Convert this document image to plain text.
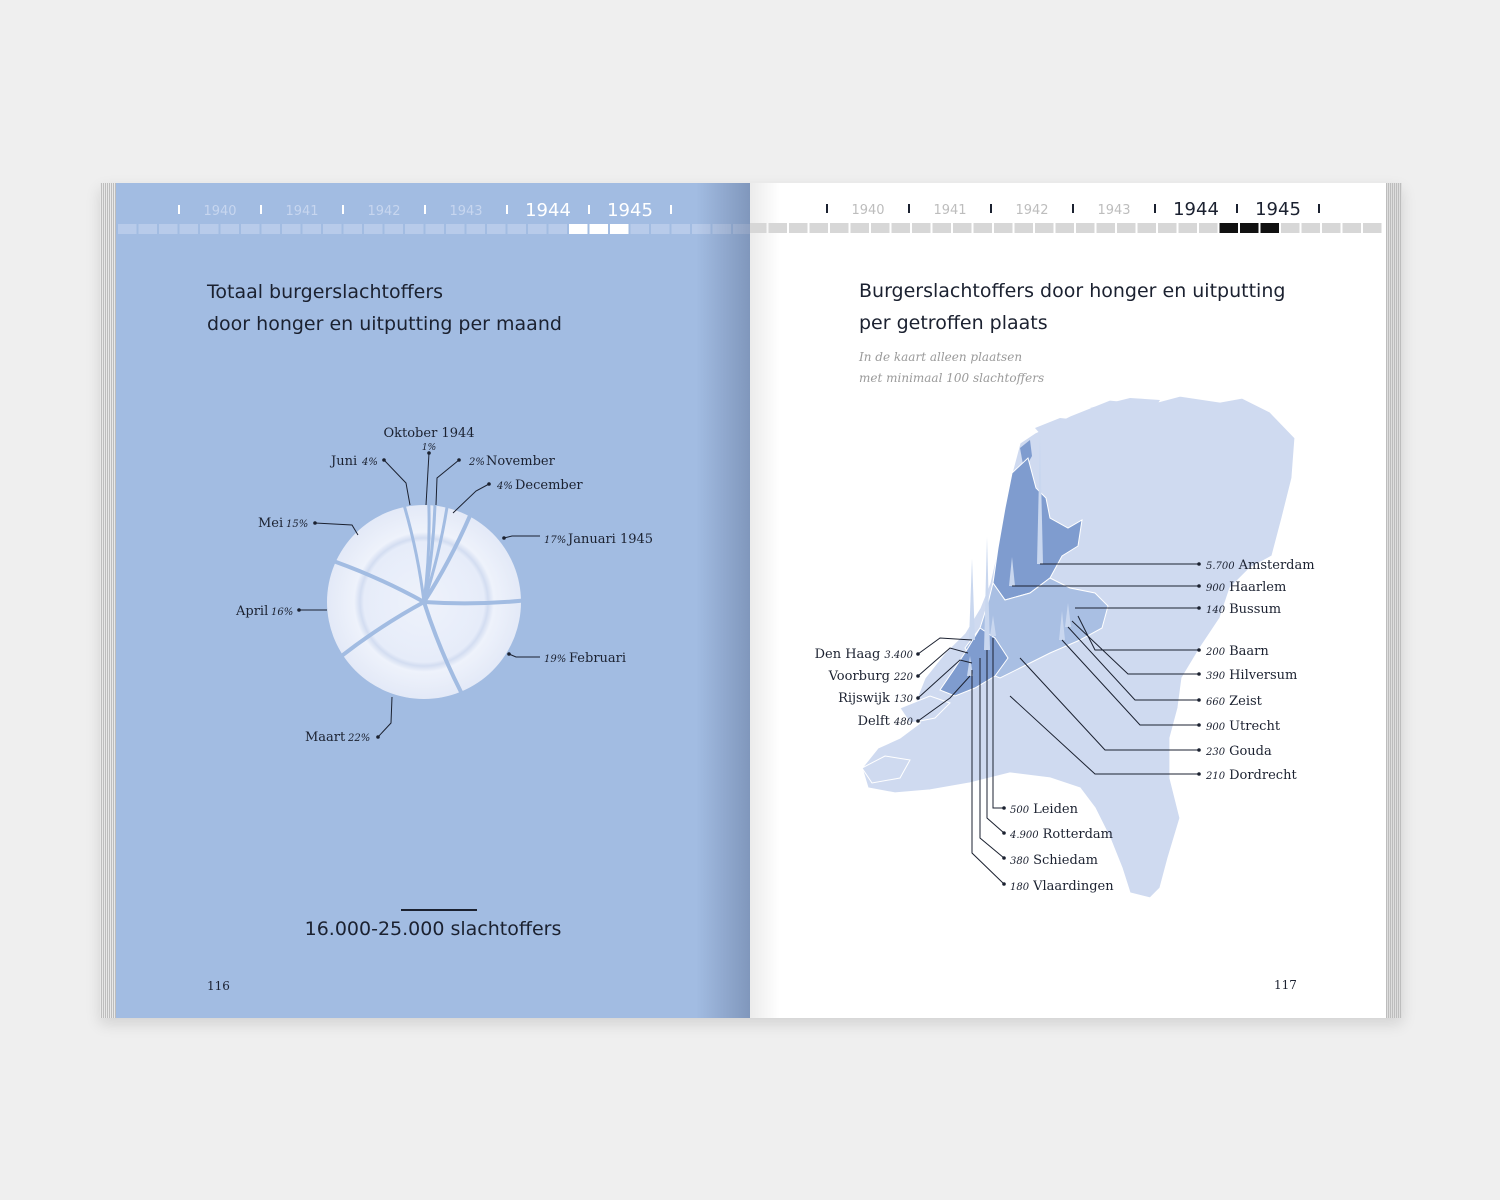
1940	1941	1942	1943 1944 1945

Totaal burgerslachtoffers

door honger en uitputting per maand

Oktober 1944
1%
Juni 4%	2% November
4% December
Mei 15%
17% Januari 1945
April 16%
19% Februari
Maart 22%
16.000-25.000 slachtoffers
116
1940	1941	1942	1943 1944 1945

Burgerslachtoffers door honger en uitputting

per getroffen plaats

In de kaart alleen plaatsen
met minimaal 100 slachtoffers
5.700 Amsterdam
900 Haarlem
140 Bussum
200 Baarn
390 Hilversum
660 Zeist
900 Utrecht
230 Gouda
210 Dordrecht
500 Leiden
4.900 Rotterdam
380 Schiedam
180 Vlaardingen
Den Haag 3.400
Voorburg 220
Rijswijk 130
Delft 480
117
